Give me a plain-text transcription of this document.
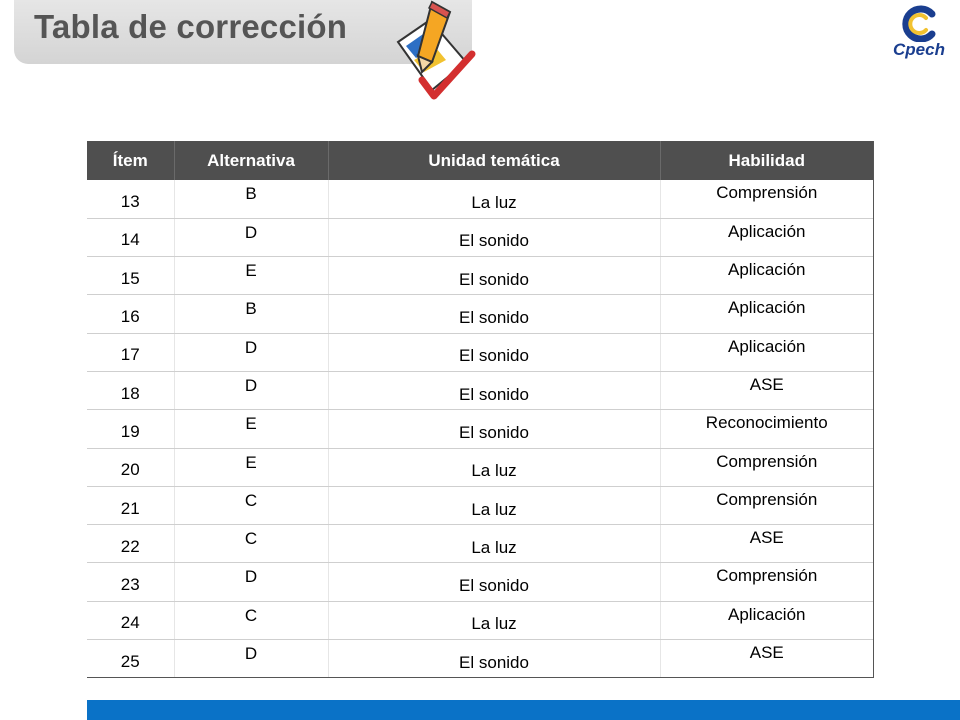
Tabla de corrección
Cpech
Ítem	Alternativa	Unidad temática	Habilidad
13	B	La luz	Comprensión
14	D	El sonido	Aplicación
15	E	El sonido	Aplicación
16	B	El sonido	Aplicación
17	D	El sonido	Aplicación
18	D	El sonido	ASE
19	E	El sonido	Reconocimiento
20	E	La luz	Comprensión
21	C	La luz	Comprensión
22	C	La luz	ASE
23	D	El sonido	Comprensión
24	C	La luz	Aplicación
25	D	El sonido	ASE
